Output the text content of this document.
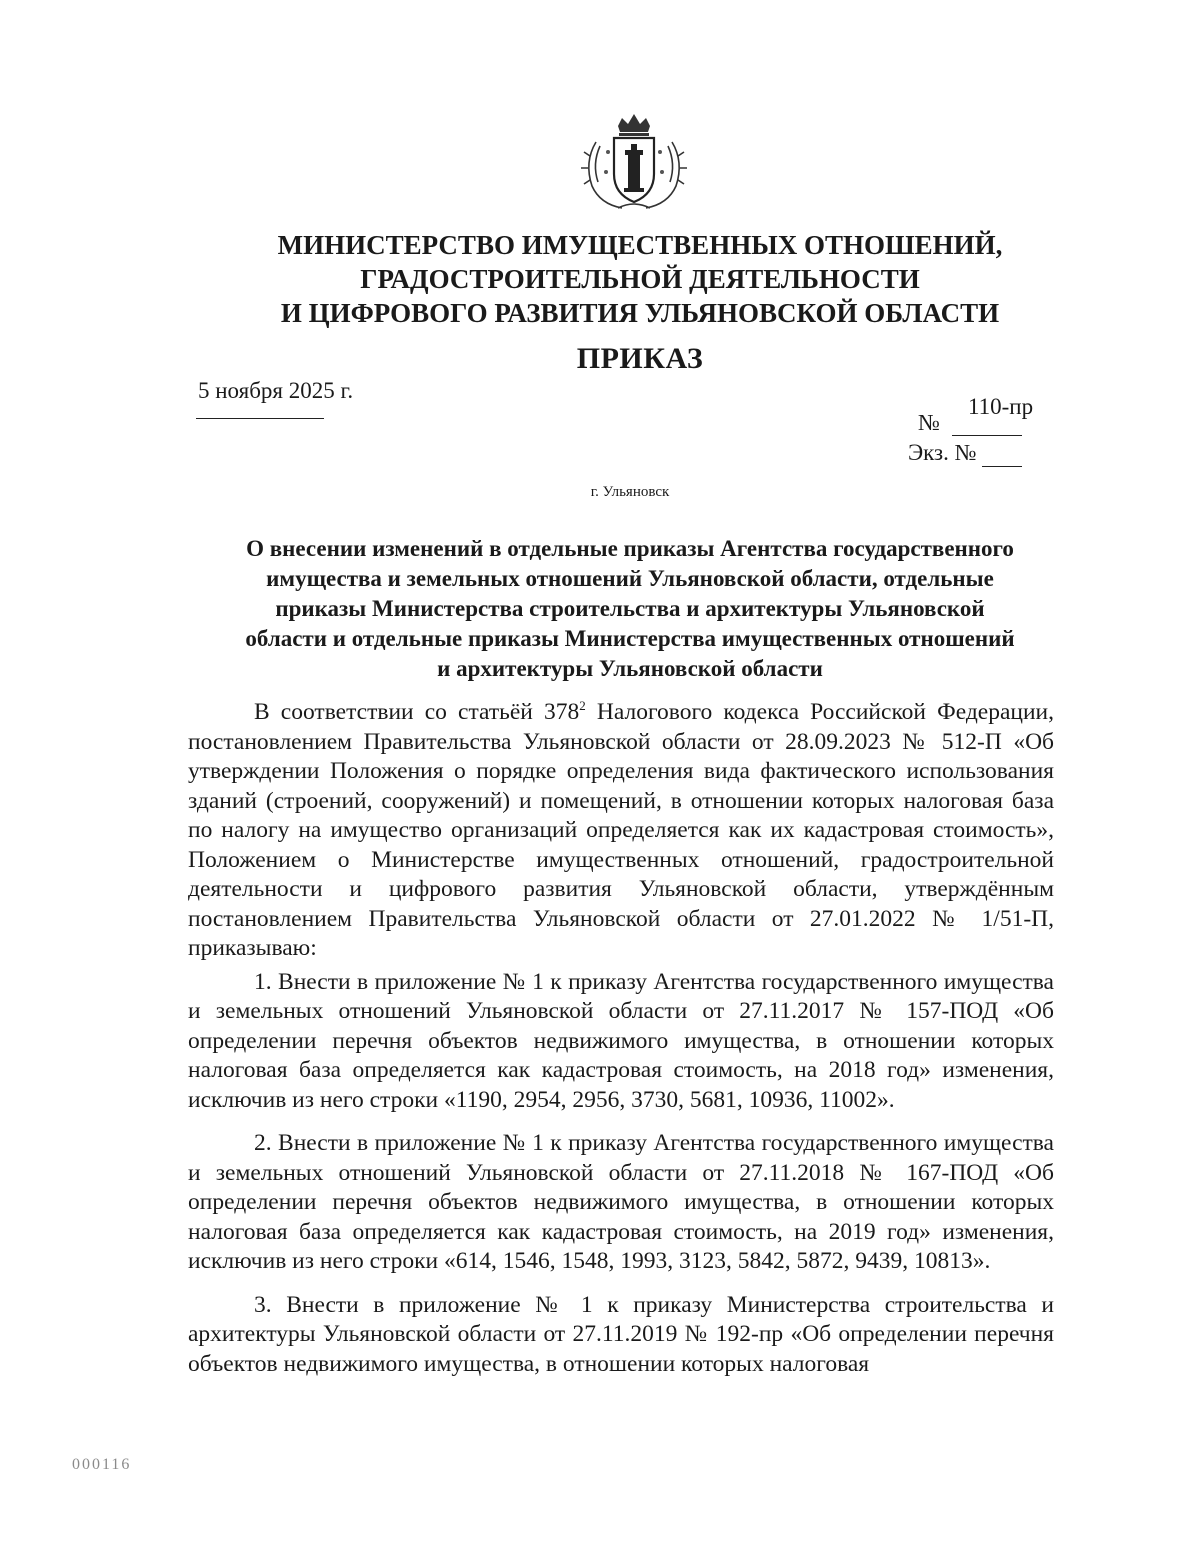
МИНИСТЕРСТВО ИМУЩЕСТВЕННЫХ ОТНОШЕНИЙ,
ГРАДОСТРОИТЕЛЬНОЙ ДЕЯТЕЛЬНОСТИ
И ЦИФРОВОГО РАЗВИТИЯ УЛЬЯНОВСКОЙ ОБЛАСТИ
ПРИКАЗ
5 ноября 2025 г.
№
110-пр
Экз. №
г. Ульяновск
О внесении изменений в отдельные приказы Агентства государственного
имущества и земельных отношений Ульяновской области, отдельные
приказы Министерства строительства и архитектуры Ульяновской
области и отдельные приказы Министерства имущественных отношений
и архитектуры Ульяновской области

В соответствии со статьёй $378^2$ Налогового кодекса Российской Федерации, постановлением Правительства Ульяновской области от 28.09.2023 № 512-П «Об утверждении Положения о порядке определения вида фактического использования зданий (строений, сооружений) и помещений, в отношении которых налоговая база по налогу на имущество организаций определяется как их кадастровая стоимость», Положением о Министерстве имущественных отношений, градостроительной деятельности и цифрового развития Ульяновской области, утверждённым постановлением Правительства Ульяновской области от 27.01.2022 № 1/51-П, приказываю:

1. Внести в приложение № 1 к приказу Агентства государственного имущества и земельных отношений Ульяновской области от 27.11.2017 № 157-ПОД «Об определении перечня объектов недвижимого имущества, в отношении которых налоговая база определяется как кадастровая стоимость, на 2018 год» изменения, исключив из него строки «1190, 2954, 2956, 3730, 5681, 10936, 11002».

2. Внести в приложение № 1 к приказу Агентства государственного имущества и земельных отношений Ульяновской области от 27.11.2018 № 167-ПОД «Об определении перечня объектов недвижимого имущества, в отношении которых налоговая база определяется как кадастровая стоимость, на 2019 год» изменения, исключив из него строки «614, 1546, 1548, 1993, 3123, 5842, 5872, 9439, 10813».

3. Внести в приложение № 1 к приказу Министерства строительства и архитектуры Ульяновской области от 27.11.2019 № 192-пр «Об определении перечня объектов недвижимого имущества, в отношении которых налоговая

000116
